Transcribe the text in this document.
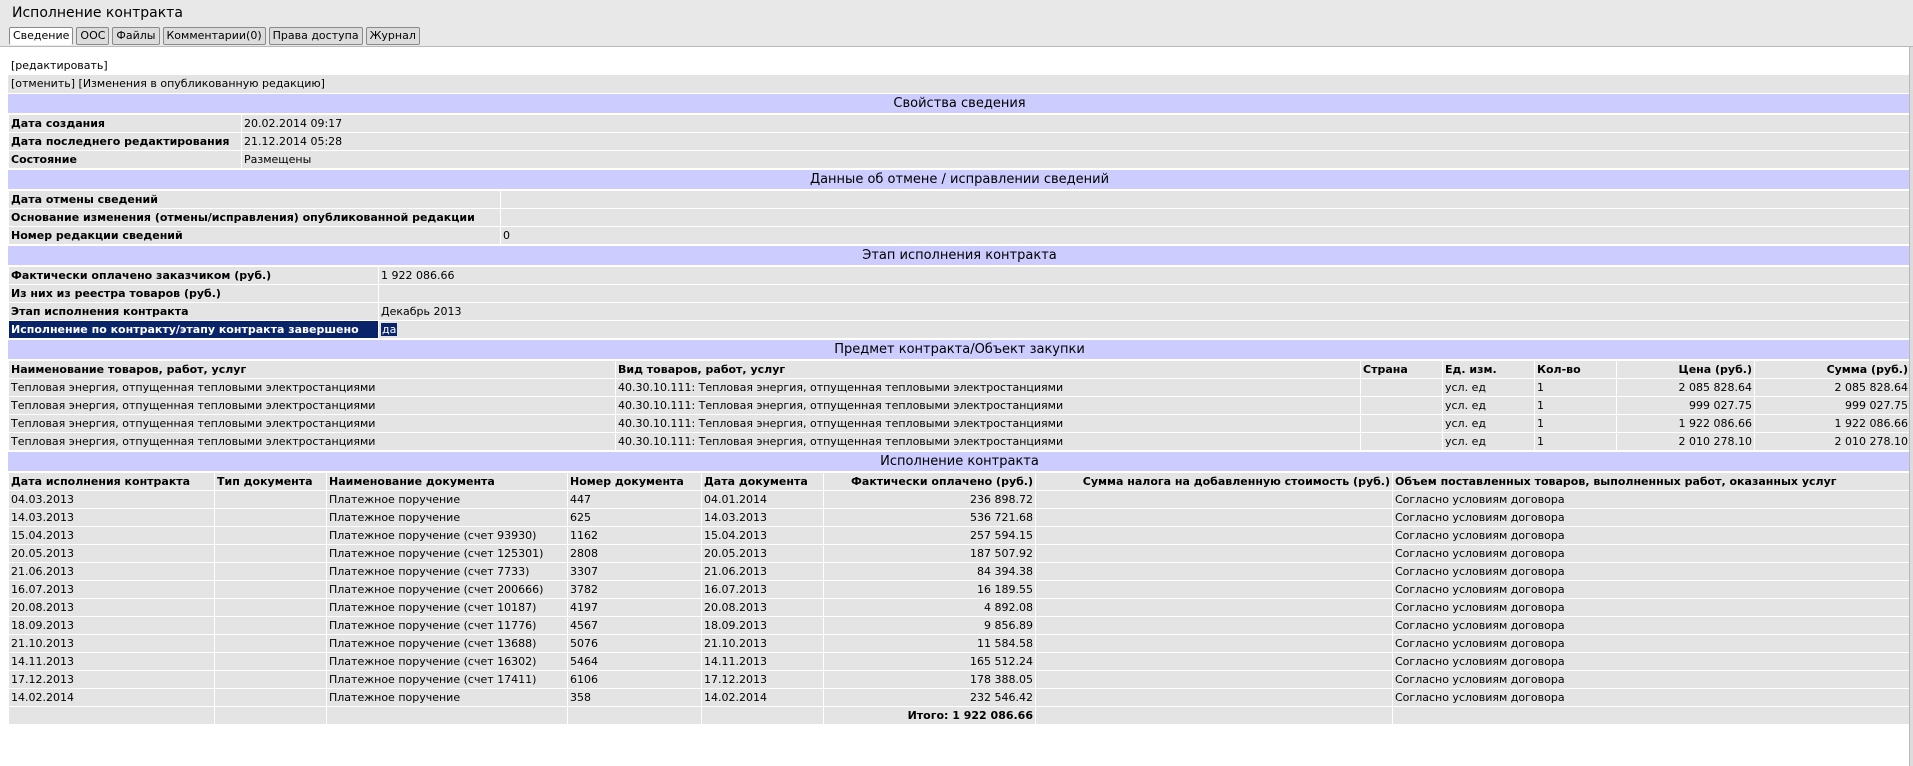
Исполнение контракта
Сведение	ООС	Файлы	Комментарии(0)	Права доступа	Журнал
[редактировать]
[отменить] [Изменения в опубликованную редакцию]
Свойства сведения
Дата создания	20.02.2014 09:17
Дата последнего редактирования	21.12.2014 05:28
Состояние	Размещены
Данные об отмене / исправлении сведений
Дата отмены сведений	
Основание изменения (отмены/исправления) опубликованной редакции	
Номер редакции сведений	0
Этап исполнения контракта
Фактически оплачено заказчиком (руб.)	1 922 086.66
Из них из реестра товаров (руб.)	
Этап исполнения контракта	Декабрь 2013
Исполнение по контракту/этапу контракта завершено	да
Предмет контракта/Объект закупки
Наименование товаров, работ, услуг	Вид товаров, работ, услуг	Страна	Ед. изм.	Кол-во	Цена (руб.)	Сумма (руб.)
Тепловая энергия, отпущенная тепловыми электростанциями	40.30.10.111: Тепловая энергия, отпущенная тепловыми электростанциями		усл. ед	1	2 085 828.64	2 085 828.64
Тепловая энергия, отпущенная тепловыми электростанциями	40.30.10.111: Тепловая энергия, отпущенная тепловыми электростанциями		усл. ед	1	999 027.75	999 027.75
Тепловая энергия, отпущенная тепловыми электростанциями	40.30.10.111: Тепловая энергия, отпущенная тепловыми электростанциями		усл. ед	1	1 922 086.66	1 922 086.66
Тепловая энергия, отпущенная тепловыми электростанциями	40.30.10.111: Тепловая энергия, отпущенная тепловыми электростанциями		усл. ед	1	2 010 278.10	2 010 278.10
Исполнение контракта
Дата исполнения контракта	Тип документа	Наименование документа	Номер документа	Дата документа	Фактически оплачено (руб.)	Сумма налога на добавленную стоимость (руб.)	Объем поставленных товаров, выполненных работ, оказанных услуг
04.03.2013		Платежное поручение	447	04.01.2014	236 898.72		Согласно условиям договора
14.03.2013		Платежное поручение	625	14.03.2013	536 721.68		Согласно условиям договора
15.04.2013		Платежное поручение (счет 93930)	1162	15.04.2013	257 594.15		Согласно условиям договора
20.05.2013		Платежное поручение (счет 125301)	2808	20.05.2013	187 507.92		Согласно условиям договора
21.06.2013		Платежное поручение (счет 7733)	3307	21.06.2013	84 394.38		Согласно условиям договора
16.07.2013		Платежное поручение (счет 200666)	3782	16.07.2013	16 189.55		Согласно условиям договора
20.08.2013		Платежное поручение (счет 10187)	4197	20.08.2013	4 892.08		Согласно условиям договора
18.09.2013		Платежное поручение (счет 11776)	4567	18.09.2013	9 856.89		Согласно условиям договора
21.10.2013		Платежное поручение (счет 13688)	5076	21.10.2013	11 584.58		Согласно условиям договора
14.11.2013		Платежное поручение (счет 16302)	5464	14.11.2013	165 512.24		Согласно условиям договора
17.12.2013		Платежное поручение (счет 17411)	6106	17.12.2013	178 388.05		Согласно условиям договора
14.02.2014		Платежное поручение	358	14.02.2014	232 546.42		Согласно условиям договора
					Итого: 1 922 086.66		
